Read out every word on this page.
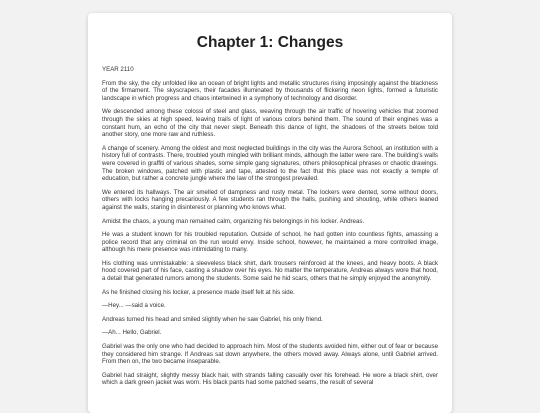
Chapter 1: Changes

YEAR 2110

From the sky, the city unfolded like an ocean of bright lights and metallic structures rising imposingly against the blackness of the firmament. The skyscrapers, their facades illuminated by thousands of flickering neon lights, formed a futuristic landscape in which progress and chaos intertwined in a symphony of technology and disorder.

We descended among these colossi of steel and glass, weaving through the air traffic of hovering vehicles that zoomed through the skies at high speed, leaving trails of light of various colors behind them. The sound of their engines was a constant hum, an echo of the city that never slept. Beneath this dance of light, the shadows of the streets below told another story, one more raw and ruthless.

A change of scenery. Among the oldest and most neglected buildings in the city was the Aurora School, an institution with a history full of contrasts. There, troubled youth mingled with brilliant minds, although the latter were rare. The building's walls were covered in graffiti of various shades, some simple gang signatures, others philosophical phrases or chaotic drawings. The broken windows, patched with plastic and tape, attested to the fact that this place was not exactly a temple of education, but rather a concrete jungle where the law of the strongest prevailed.

We entered its hallways. The air smelled of dampness and rusty metal. The lockers were dented, some without doors, others with locks hanging precariously. A few students ran through the halls, pushing and shouting, while others leaned against the walls, staring in disinterest or planning who knows what.

Amidst the chaos, a young man remained calm, organizing his belongings in his locker. Andreas.

He was a student known for his troubled reputation. Outside of school, he had gotten into countless fights, amassing a police record that any criminal on the run would envy. Inside school, however, he maintained a more controlled image, although his mere presence was intimidating to many.

His clothing was unmistakable: a sleeveless black shirt, dark trousers reinforced at the knees, and heavy boots. A black hood covered part of his face, casting a shadow over his eyes. No matter the temperature, Andreas always wore that hood, a detail that generated rumors among the students. Some said he hid scars, others that he simply enjoyed the anonymity.

As he finished closing his locker, a presence made itself felt at his side.

—Hey... —said a voice.

Andreas turned his head and smiled slightly when he saw Gabriel, his only friend.

—Ah... Hello, Gabriel.

Gabriel was the only one who had decided to approach him. Most of the students avoided him, either out of fear or because they considered him strange. If Andreas sat down anywhere, the others moved away. Always alone, until Gabriel arrived. From then on, the two became inseparable.

Gabriel had straight, slightly messy black hair, with strands falling casually over his forehead. He wore a black shirt, over which a dark green jacket was worn. His black pants had some patched seams, the result of several
